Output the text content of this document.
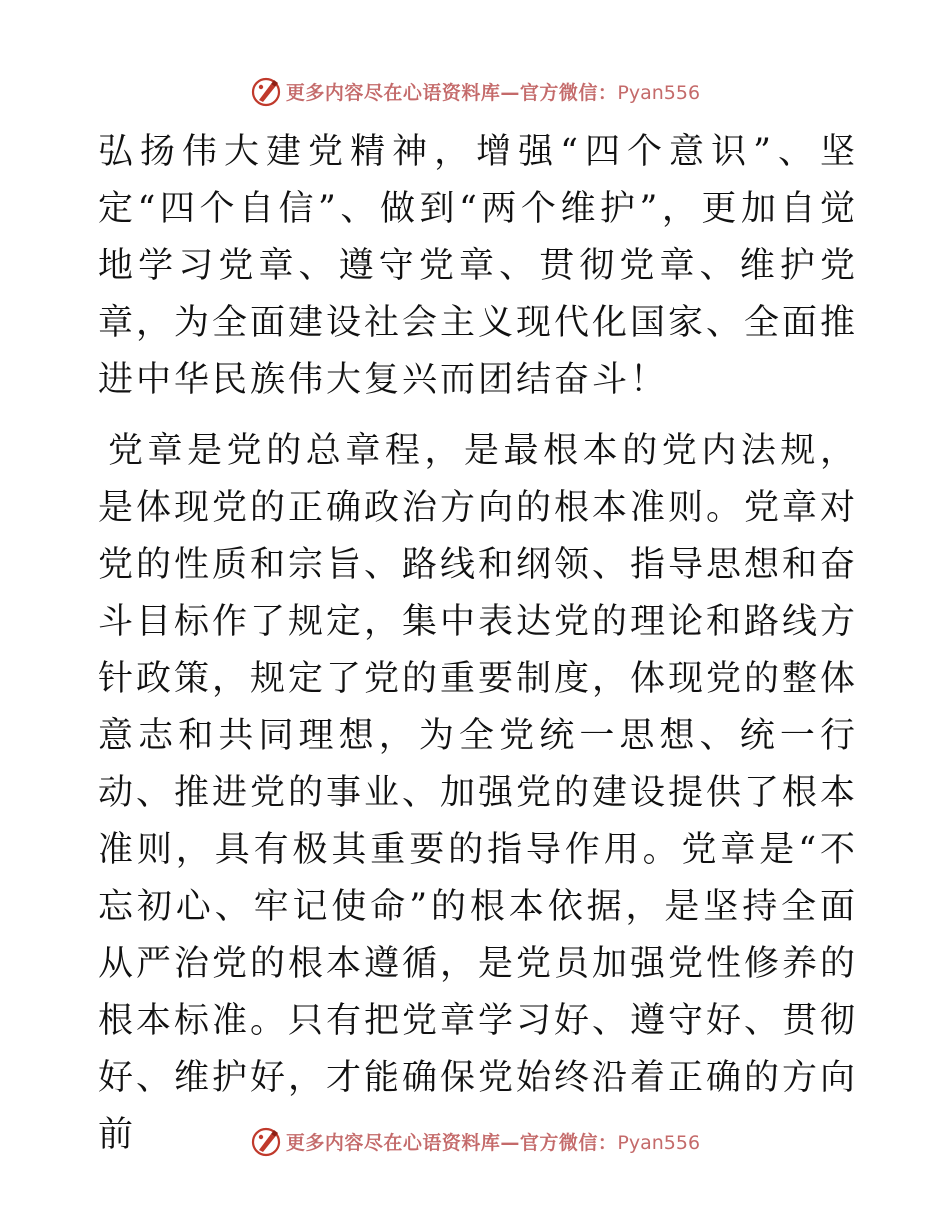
更多内容尽在心语资料库—官方微信：Pyan556

弘扬伟大建党精神，增强“四个意识”、坚定“四个自信”、做到“两个维护”，更加自觉地学习党章、遵守党章、贯彻党章、维护党章，为全面建设社会主义现代化国家、全面推进中华民族伟大复兴而团结奋斗！

党章是党的总章程，是最根本的党内法规，是体现党的正确政治方向的根本准则。党章对党的性质和宗旨、路线和纲领、指导思想和奋斗目标作了规定，集中表达党的理论和路线方针政策，规定了党的重要制度，体现党的整体意志和共同理想，为全党统一思想、统一行动、推进党的事业、加强党的建设提供了根本准则，具有极其重要的指导作用。党章是“不忘初心、牢记使命”的根本依据，是坚持全面从严治党的根本遵循，是党员加强党性修养的根本标准。只有把党章学习好、遵守好、贯彻好、维护好，才能确保党始终沿着正确的方向前	更多内容尽在心语资料库—官方微信：Pyan556
